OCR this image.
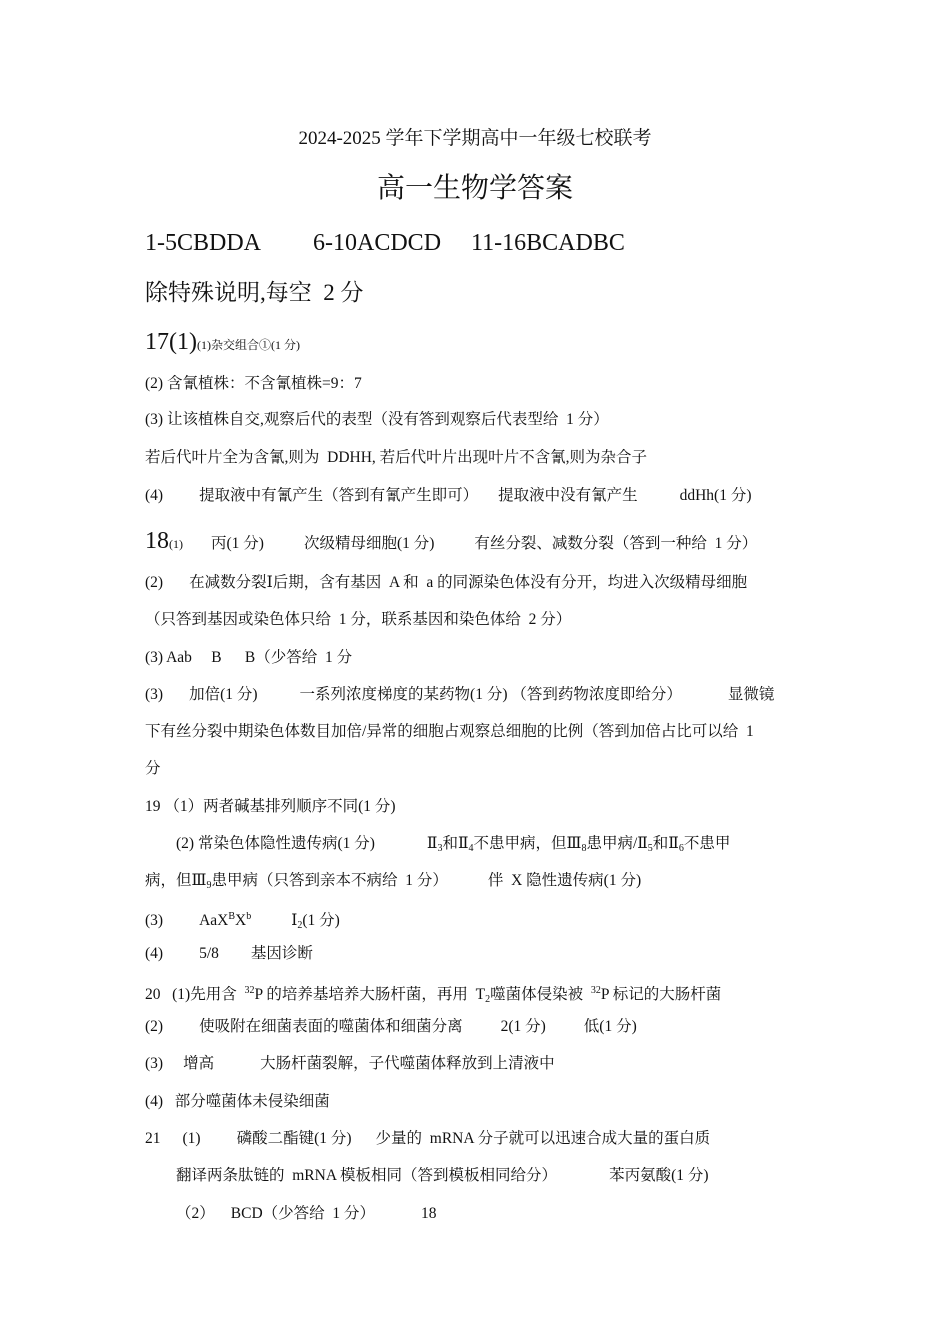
2024-2025 学年下学期高中一年级七校联考
高一生物学答案
1-5CBDDA 6-10ACDCD 11-16BCADBC
除特殊说明,每空  2 分
17(1)(1)杂交组合①(1 分)
(2) 含氰植株：不含氰植株=9：7
(3) 让该植株自交,观察后代的表型（没有答到观察后代表型给  1 分）
若后代叶片全为含氰,则为  DDHH, 若后代叶片出现叶片不含氰,则为杂合子
(4) 提取液中有氰产生（答到有氰产生即可） 提取液中没有氰产生	ddHh(1 分)
18(1) 丙(1 分)	次级精母细胞(1 分)	有丝分裂、减数分裂（答到一种给  1 分）
(2) 在减数分裂Ⅰ后期，含有基因  A 和  a 的同源染色体没有分开，均进入次级精母细胞
（只答到基因或染色体只给  1 分，联系基因和染色体给  2 分）
(3) Aab     B      B（少答给  1 分
(3) 加倍(1 分)	一系列浓度梯度的某药物(1 分) （答到药物浓度即给分）	显微镜
下有丝分裂中期染色体数目加倍/异常的细胞占观察总细胞的比例（答到加倍占比可以给  1
分
19 （1）两者碱基排列顺序不同(1 分)
(2) 常染色体隐性遗传病(1 分)	$Ⅱ_3$和$Ⅱ_4$不患甲病，但$Ⅲ_8$患甲病$/Ⅱ_5$和$Ⅱ_6$不患甲
病，但$Ⅲ_9$患甲病（只答到亲本不病给  1 分）	伴  X 隐性遗传病(1 分)
(3) $AaX^BX^b$	$Ⅰ_2(1$ 分)
(4) 5/8 基因诊断
20   (1)先用含  $^{32}$P 的培养基培养大肠杆菌，再用  $T_2$噬菌体侵染被  $^{32}$P 标记的大肠杆菌
(2) 使吸附在细菌表面的噬菌体和细菌分离 2(1 分) 低(1 分)
(3) 增高	大肠杆菌裂解，子代噬菌体释放到上清液中
(4)   部分噬菌体未侵染细菌
21 (1) 磷酸二酯键(1 分) 少量的  mRNA 分子就可以迅速合成大量的蛋白质
翻译两条肽链的  mRNA 模板相同（答到模板相同给分）	苯丙氨酸(1 分)
（2） BCD（少答给  1 分）	18
